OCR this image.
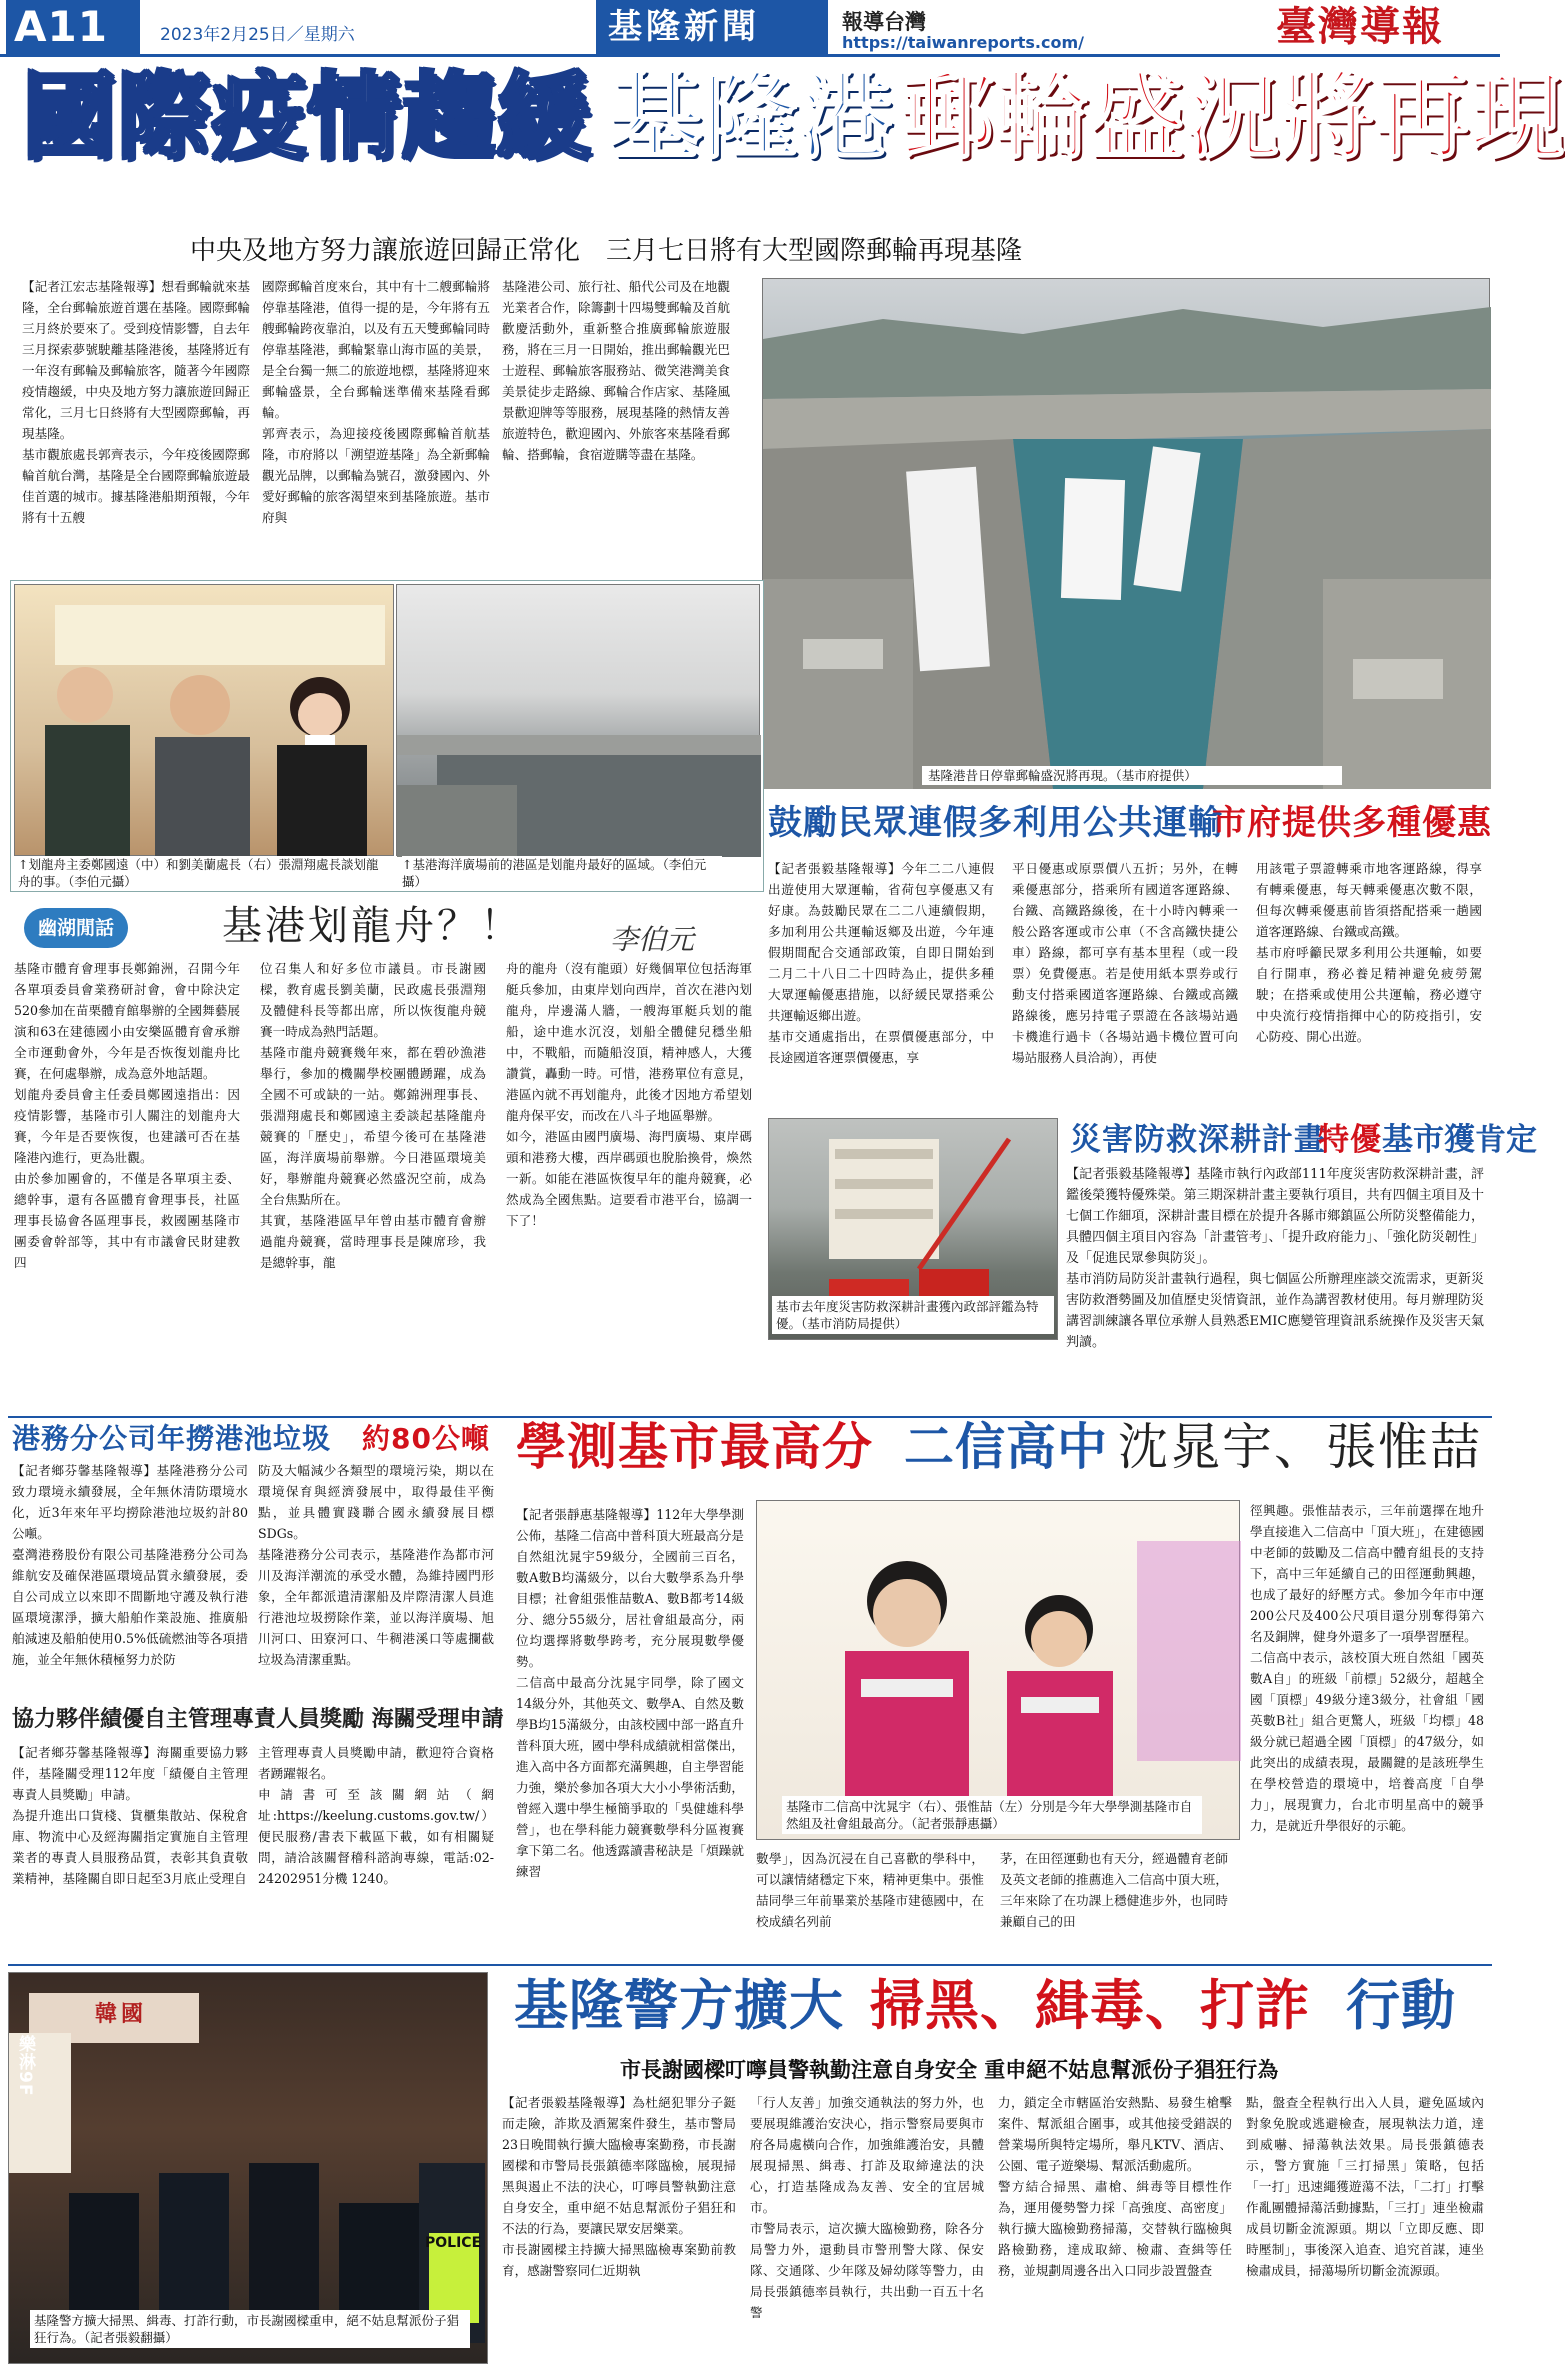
A11	2023年2月25日／星期六	基隆新聞	報導台灣
https://taiwanreports.com/	臺灣導報
國際疫情趨緩 基隆港 郵輪盛況將再現
中央及地方努力讓旅遊回歸正常化　三月七日將有大型國際郵輪再現基隆
【記者江宏志基隆報導】想看郵輪就來基隆，全台郵輪旅遊首選在基隆。國際郵輪三月終於要來了。受到疫情影響，自去年三月探索夢號駛離基隆港後，基隆將近有一年沒有郵輪及郵輪旅客，隨著今年國際疫情趨緩，中央及地方努力讓旅遊回歸正常化，三月七日終將有大型國際郵輪，再現基隆。
基市觀旅處長郭齊表示，今年疫後國際郵輪首航台灣，基隆是全台國際郵輪旅遊最佳首選的城市。據基隆港船期預報，今年將有十五艘
國際郵輪首度來台，其中有十二艘郵輪將停靠基隆港，值得一提的是，今年將有五艘郵輪跨夜靠泊，以及有五天雙郵輪同時停靠基隆港，郵輪緊靠山海市區的美景，是全台獨一無二的旅遊地標，基隆將迎來郵輪盛景，全台郵輪迷準備來基隆看郵輪。
郭齊表示，為迎接疫後國際郵輪首航基隆，市府將以「溯望遊基隆」為全新郵輪觀光品牌，以郵輪為號召，激發國內、外愛好郵輪的旅客渴望來到基隆旅遊。基市府與
基隆港公司、旅行社、船代公司及在地觀光業者合作，除籌劃十四場雙郵輪及首航歡慶活動外，重新整合推廣郵輪旅遊服務，將在三月一日開始，推出郵輪觀光巴士遊程、郵輪旅客服務站、微笑港灣美食美景徒步走路線、郵輪合作店家、基隆風景歡迎牌等等服務，展現基隆的熱情友善旅遊特色，歡迎國內、外旅客來基隆看郵輪、搭郵輪，食宿遊購等盡在基隆。
基隆港昔日停靠郵輪盛況將再現。（基市府提供）
↑划龍舟主委鄭國遠（中）和劉美蘭處長（右）張淵翔處長談划龍舟的事。（李伯元攝）
↑基港海洋廣場前的港區是划龍舟最好的區域。（李伯元攝）
幽湖閒話	基港划龍舟？！	李伯元
基隆市體育會理事長鄭錦洲，召開今年各單項委員會業務研討會，會中除決定520參加在苗栗體育館舉辦的全國舞藝展演和63在建德國小由安樂區體育會承辦全市運動會外，今年是否恢復划龍舟比賽，在何處舉辦，成為意外地話題。
划龍舟委員會主任委員鄭國遠指出：因疫情影響，基隆市引人關注的划龍舟大賽，今年是否要恢復，也建議可否在基隆港內進行，更為壯觀。
由於參加團會的，不僅是各單項主委、總幹事，還有各區體育會理事長，社區理事長協會各區理事長，救國團基隆市團委會幹部等，其中有市議會民財建教四
位召集人和好多位市議員。市長謝國樑，教育處長劉美蘭，民政處長張淵翔及體健科長等都出席，所以恢復龍舟競賽一時成為熱門話題。
基隆市龍舟競賽幾年來，都在碧砂漁港舉行，參加的機關學校團體踴躍，成為全國不可或缺的一站。鄭錦洲理事長、張淵翔處長和鄭國遠主委談起基隆龍舟競賽的「歷史」，希望今後可在基隆港區，海洋廣場前舉辦。今日港區環境美好，舉辦龍舟競賽必然盛況空前，成為全台焦點所在。
其實，基隆港區早年曾由基市體育會辦過龍舟競賽，當時理事長是陳席珍，我是總幹事，龍
舟的龍舟（沒有龍頭）好幾個單位包括海軍艇兵參加，由東岸划向西岸，首次在港內划龍舟，岸邊滿人牆，一艘海軍艇兵划的龍船，途中進水沉沒，划船全體健兒穩坐船中，不戰船，而隨船沒頂，精神感人，大獲讚賞，轟動一時。可惜，港務單位有意見，港區內就不再划龍舟，此後才因地方希望划龍舟保平安，而改在八斗子地區舉辦。
如今，港區由國門廣場、海門廣場、東岸碼頭和港務大樓，西岸碼頭也脫胎換骨，煥然一新。如能在港區恢復早年的龍舟競賽，必然成為全國焦點。這要看市港平台，協調一下了！
鼓勵民眾連假多利用公共運輸
市府提供多種優惠
【記者張毅基隆報導】今年二二八連假出遊使用大眾運輸，省荷包享優惠又有好康。為鼓勵民眾在二二八連續假期，多加利用公共運輸返鄉及出遊，今年連假期間配合交通部政策，自即日開始到二月二十八日二十四時為止，提供多種大眾運輸優惠措施，以紓緩民眾搭乘公共運輸返鄉出遊。
基市交通處指出，在票價優惠部分，中長途國道客運票價優惠，享
平日優惠或原票價八五折；另外，在轉乘優惠部分，搭乘所有國道客運路線、台鐵、高鐵路線後，在十小時內轉乘一般公路客運或市公車（不含高鐵快捷公車）路線，都可享有基本里程（或一段票）免費優惠。若是使用紙本票券或行動支付搭乘國道客運路線、台鐵或高鐵路線後，應另持電子票證在各該場站過卡機進行過卡（各場站過卡機位置可向場站服務人員洽詢），再使
用該電子票證轉乘市地客運路線，得享有轉乘優惠，每天轉乘優惠次數不限，但每次轉乘優惠前皆須搭配搭乘一趟國道客運路線、台鐵或高鐵。
基市府呼籲民眾多利用公共運輸，如要自行開車，務必養足精神避免疲勞駕駛；在搭乘或使用公共運輸，務必遵守中央流行疫情指揮中心的防疫指引，安心防疫、開心出遊。
基市去年度災害防救深耕計畫獲內政部評鑑為特優。（基市消防局提供）
災害防救深耕計畫
特優 基市獲肯定
【記者張毅基隆報導】基隆市執行內政部111年度災害防救深耕計畫，評鑑後榮獲特優殊榮。第三期深耕計畫主要執行項目，共有四個主項目及十七個工作細項，深耕計畫目標在於提升各縣市鄉鎮區公所防災整備能力，具體四個主項目內容為「計畫管考」、「提升政府能力」、「強化防災韌性」及「促進民眾參與防災」。
基市消防局防災計畫執行過程，與七個區公所辦理座談交流需求，更新災害防救潛勢圖及加值歷史災情資訊，並作為講習教材使用。每月辦理防災講習訓練讓各單位承辦人員熟悉EMIC應變管理資訊系統操作及災害天氣判讀。
港務分公司年撈港池垃圾 約80公噸
【記者鄉芬馨基隆報導】基隆港務分公司致力環境永續發展，全年無休清防環境水化，近3年來年平均撈除港池垃圾約計80公噸。
臺灣港務股份有限公司基隆港務分公司為維航安及確保港區環境品質永續發展，委自公司成立以來即不間斷地守護及執行港區環境潔淨，擴大船舶作業設施、推廣船舶減速及船舶使用0.5%低硫燃油等各項措施，並全年無休積極努力於防
防及大幅減少各類型的環境污染，期以在環境保育與經濟發展中，取得最佳平衡點，並具體實踐聯合國永續發展目標SDGs。
基隆港務分公司表示，基隆港作為都市河川及海洋潮流的承受水體，為維持國門形象，全年都派遣清潔船及岸際清潔人員進行港池垃圾撈除作業，並以海洋廣場、旭川河口、田寮河口、牛稠港溪口等處攔截垃圾為清潔重點。
協力夥伴績優自主管理專責人員獎勵 海關受理申請
【記者鄉芬馨基隆報導】海關重要協力夥伴，基隆關受理112年度「績優自主管理專責人員獎勵」申請。
為提升進出口貨棧、貨櫃集散站、保稅倉庫、物流中心及經海關指定實施自主管理業者的專責人員服務品質，表彰其負責敬業精神，基隆關自即日起至3月底止受理自
主管理專責人員獎勵申請，歡迎符合資格者踴躍報名。
申請書可至該關網站（網址:https://keelung.customs.gov.tw/）便民服務/書表下載區下載，如有相關疑問，請洽該關督稽科諮詢專線，電話:02-24202951分機 1240。
學測基市最高分 二信高中 沈晁宇、張惟喆
【記者張靜惠基隆報導】112年大學學測公佈，基隆二信高中普科頂大班最高分是自然組沈晁宇59級分，全國前三百名，數A數B均滿級分，以台大數學系為升學目標；社會組張惟喆數A、數B都考14級分、總分55級分，居社會組最高分，兩位均選擇將數學跨考，充分展現數學優勢。
二信高中最高分沈晁宇同學，除了國文14級分外，其他英文、數學A、自然及數學B均15滿級分，由該校國中部一路直升普科頂大班，國中學科成績就相當傑出，進入高中各方面都充滿興趣，自主學習能力強，樂於參加各項大大小小學術活動，曾經入選中學生極簡爭取的「吳健雄科學營」，也在學科能力競賽數學科分區複賽拿下第二名。他透露讀書秘訣是「煩躁就練習
基隆市二信高中沈晁宇（右）、張惟喆（左）分別是今年大學學測基隆市自然組及社會組最高分。（記者張靜惠攝）
數學」，因為沉浸在自己喜歡的學科中，可以讓情緒穩定下來，精神更集中。張惟喆同學三年前畢業於基隆市建德國中，在校成績名列前
茅，在田徑運動也有天分，經過體育老師及英文老師的推薦進入二信高中頂大班，三年來除了在功課上穩健進步外，也同時兼顧自己的田
徑興趣。張惟喆表示，三年前選擇在地升學直接進入二信高中「頂大班」，在建德國中老師的鼓勵及二信高中體育組長的支持下，高中三年延續自己的田徑運動興趣，也成了最好的紓壓方式。參加今年市中運200公尺及400公尺項目還分別奪得第六名及銅牌，健身外還多了一項學習歷程。
二信高中表示，該校頂大班自然組「國英數A自」的班級「前標」52級分，超越全國「頂標」49級分達3級分，社會組「國英數B社」組合更驚人，班級「均標」48級分就已超過全國「頂標」的47級分，如此突出的成績表現，最關鍵的是該班學生在學校營造的環境中，培養高度「自學力」，展現實力，台北市明星高中的競爭力，是就近升學很好的示範。
韓國
樂淋9F
POLICE
基隆警方擴大掃黑、緝毒、打詐行動，市長謝國樑重申，絕不姑息幫派份子猖狂行為。（記者張毅翻攝）
基隆警方擴大 掃黑、緝毒、打詐 行動
市長謝國樑叮嚀員警執勤注意自身安全 重申絕不姑息幫派份子猖狂行為
【記者張毅基隆報導】為杜絕犯罪分子鋌而走險，詐欺及酒駕案件發生，基市警局23日晚間執行擴大臨檢專案勤務，市長謝國樑和市警局長張鎮德率隊臨檢，展現掃黑與遏止不法的決心，叮嚀員警執勤注意自身安全，重申絕不姑息幫派份子猖狂和不法的行為，要讓民眾安居樂業。
市長謝國樑主持擴大掃黑臨檢專案勤前教育，感謝警察同仁近期執
「行人友善」加強交通執法的努力外，也要展現維護治安決心，指示警察局要與市府各局處橫向合作，加強維護治安，具體展現掃黑、緝毒、打詐及取締違法的決心，打造基隆成為友善、安全的宜居城市。
市警局表示，這次擴大臨檢勤務，除各分局警力外，還動員市警刑警大隊、保安隊、交通隊、少年隊及婦幼隊等警力，由局長張鎮德率員執行，共出動一百五十名警
力，鎖定全市轄區治安熱點、易發生槍擊案件、幫派組合圍事，或其他接受錯誤的營業場所與特定場所，舉凡KTV、酒店、公園、電子遊樂場、幫派活動處所。
警方結合掃黑、肅槍、緝毒等目標性作為，運用優勢警力採「高強度、高密度」執行擴大臨檢勤務掃蕩，交替執行臨檢與路檢勤務，達成取締、檢肅、查緝等任務，並規劃周邊各出入口同步設置盤查
點，盤查全程執行出入人員，避免區域內對象免脫或逃避檢查，展現執法力道，達到威嚇、掃蕩執法效果。局長張鎮德表示，警方實施「三打掃黑」策略，包括「一打」迅速繩獲遊蕩不法，「二打」打擊作亂團體掃蕩活動據點，「三打」連坐檢肅成員切斷金流源頭。期以「立即反應、即時壓制」，事後深入追查、追究首謀，連坐檢肅成員，掃蕩場所切斷金流源頭。
